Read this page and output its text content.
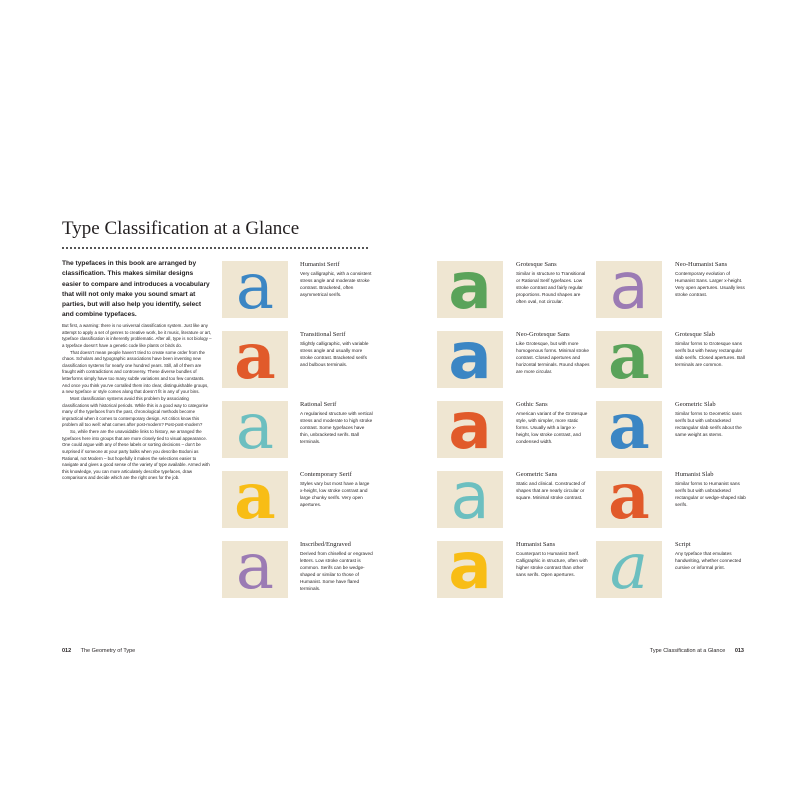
Type Classification at a Glance

The typefaces in this book are arranged by classification. This makes similar designs easier to compare and introduces a vocabulary that will not only make you sound smart at parties, but will also help you identify, select and combine typefaces.

But first, a warning: there is no universal classification system. Just like any attempt to apply a set of genres to creative work, be it music, literature or art, typeface classification is inherently problematic. After all, type is not biology – a typeface doesn’t have a genetic code like plants or birds do.

That doesn’t mean people haven’t tried to create some order from the chaos. Scholars and typographic associations have been inventing new classification systems for nearly one hundred years. Still, all of them are fraught with contradictions and controversy. These diverse bundles of letterforms simply have too many subtle variations and too few constants. And once you think you’ve corralled them into clear, distinguishable groups, a new typeface or style comes along that doesn’t fit in any of your bins.

Most classification systems avoid this problem by associating classifications with historical periods. While this is a good way to categorise many of the typefaces from the past, chronological methods become impractical when it comes to contemporary design. Art critics know this problem all too well: what comes after post-modern? Post-post-modern?

So, while there are the unavoidable links to history, we arranged the typefaces here into groups that are more closely tied to visual appearance. One could argue with any of these labels or sorting decisions – don’t be surprised if someone at your party balks when you describe Bodoni as Rational, not Modern – but hopefully it makes the selections easier to navigate and gives a good sense of the variety of type available. Armed with this knowledge, you can more articulately describe typefaces, draw comparisons and decide which are the right ones for the job.

a	Humanist Serif

Very calligraphic, with a consistent stress angle and moderate stroke contrast. Bracketed, often asymmetrical serifs.

a	Transitional Serif

Slightly calligraphic, with variable stress angle and usually more stroke contrast. Bracketed serifs and bulbous terminals.

a	Rational Serif

A regularised structure with vertical stress and moderate to high stroke contrast. Some typefaces have thin, unbracketed serifs. Ball terminals.

a	Contemporary Serif

Styles vary but most have a large x-height, low stroke contrast and large chunky serifs. Very open apertures.

a	Inscribed/Engraved

Derived from chiselled or engraved letters. Low stroke contrast is common. Serifs can be wedge-shaped or similar to those of Humanist. Some have flared terminals.

a	Grotesque Sans

Similar in structure to Transitional or Rational Serif typefaces. Low stroke contrast and fairly regular proportions. Round shapes are often oval, not circular.

a	Neo-Grotesque Sans

Like Grotesque, but with more homogenous forms. Minimal stroke contrast. Closed apertures and horizontal terminals. Round shapes are more circular.

a	Gothic Sans

American variant of the Grotesque style, with simpler, more static forms. Usually with a large x-height, low stroke contrast, and condensed width.

a	Geometric Sans

Static and clinical. Constructed of shapes that are nearly circular or square. Minimal stroke contrast.

a	Humanist Sans

Counterpart to Humanist Serif. Calligraphic in structure, often with higher stroke contrast than other sans serifs. Open apertures.

a	Neo-Humanist Sans

Contemporary evolution of Humanist Sans. Larger x-height. Very open apertures. Usually less stroke contrast.

a	Grotesque Slab

Similar forms to Grotesque sans serifs but with heavy rectangular slab serifs. Closed apertures. Ball terminals are common.

a	Geometric Slab

Similar forms to Geometric sans serifs but with unbracketed rectangular slab serifs about the same weight as stems.

a	Humanist Slab

Similar forms to Humanist sans serifs but with unbracketed rectangular or wedge-shaped slab serifs.

a	Script

Any typeface that emulates handwriting, whether connected cursive or informal print.

012 The Geometry of Type	Type Classification at a Glance 013
